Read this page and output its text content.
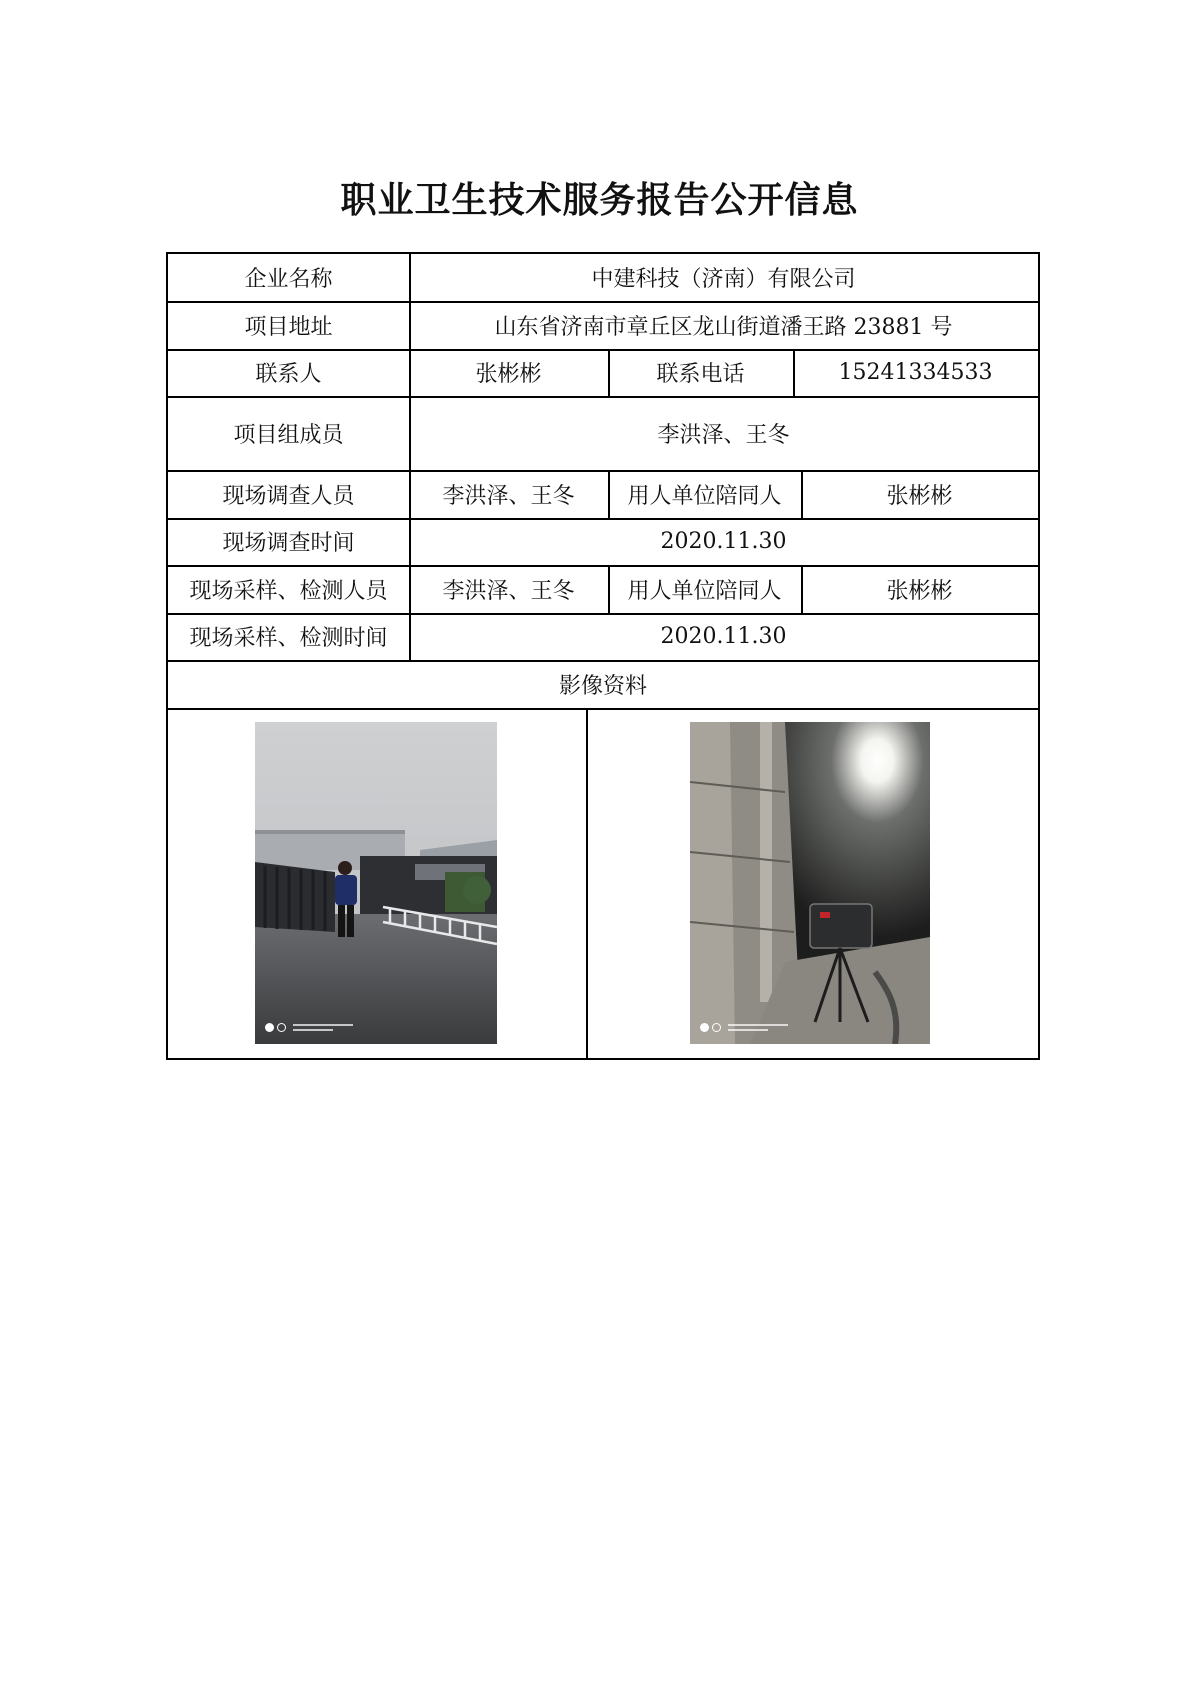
职业卫生技术服务报告公开信息
企业名称	中建科技（济南）有限公司
项目地址	山东省济南市章丘区龙山街道潘王路 23881 号
联系人	张彬彬	联系电话	15241334533
项目组成员	李洪泽、王冬
现场调查人员	李洪泽、王冬	用人单位陪同人	张彬彬
现场调查时间	2020.11.30
现场采样、检测人员	李洪泽、王冬	用人单位陪同人	张彬彬
现场采样、检测时间	2020.11.30
影像资料
